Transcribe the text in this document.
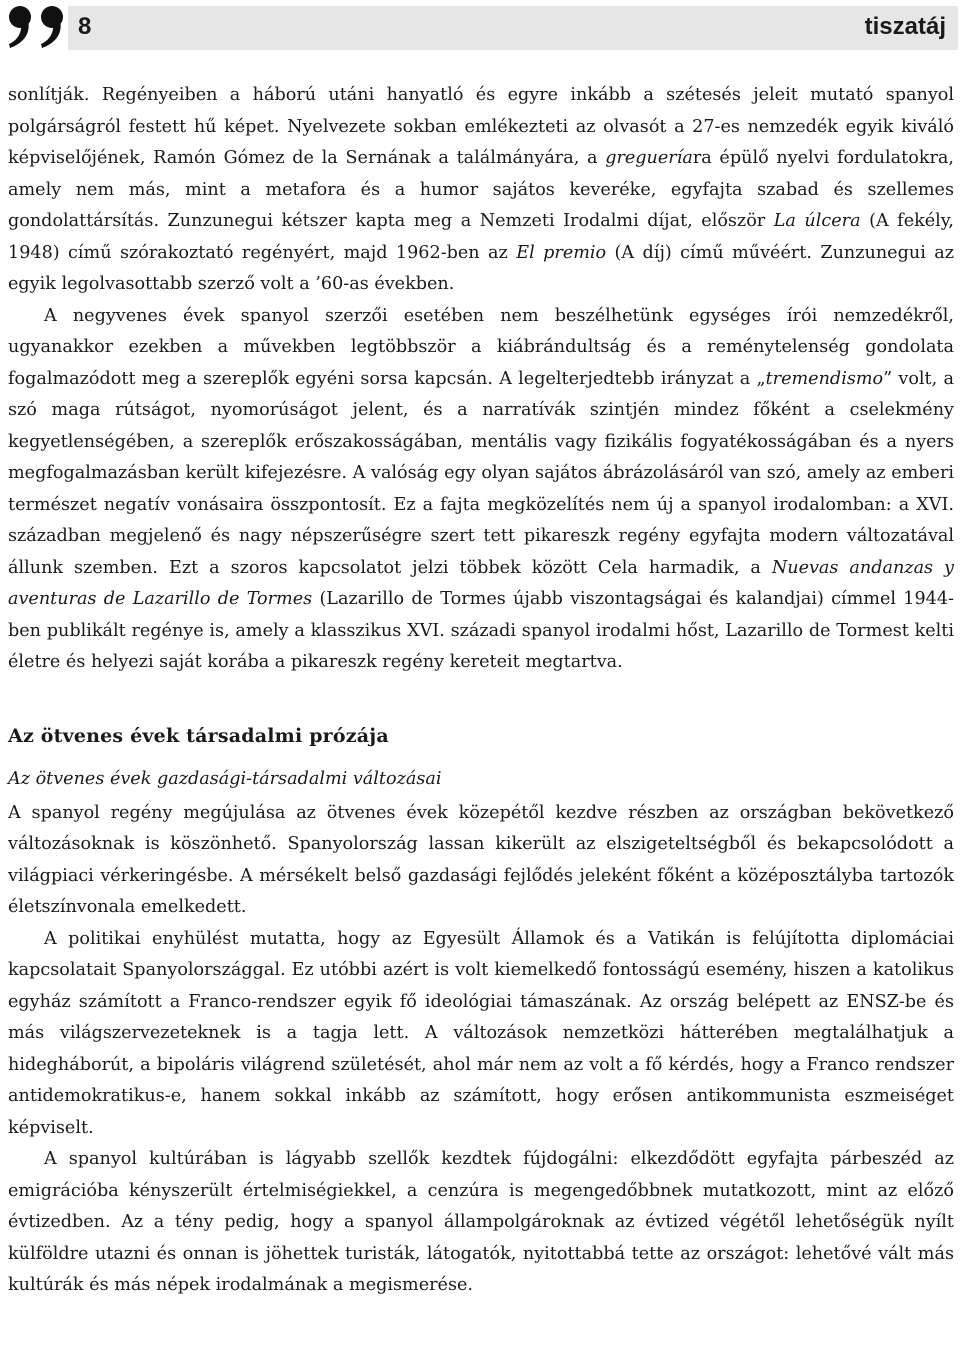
8	tiszatáj

sonlítják. Regényeiben a háború utáni hanyatló és egyre inkább a szétesés jeleit mutató spanyol polgárságról festett hű képet. Nyelvezete sokban emlékezteti az olvasót a 27-es nemzedék egyik kiváló képviselőjének, Ramón Gómez de la Sernának a találmányára, a gregueríara épülő nyelvi fordulatokra, amely nem más, mint a metafora és a humor sajátos keveréke, egyfajta szabad és szellemes gondolattársítás. Zunzunegui kétszer kapta meg a Nemzeti Irodalmi díjat, először La úlcera (A fekély, 1948) című szórakoztató regényért, majd 1962-ben az El premio (A díj) című művéért. Zunzunegui az egyik legolvasottabb szerző volt a ’60-as években.

A negyvenes évek spanyol szerzői esetében nem beszélhetünk egységes írói nemzedékről, ugyanakkor ezekben a művekben legtöbbször a kiábrándultság és a reménytelenség gondolata fogalmazódott meg a szereplők egyéni sorsa kapcsán. A legelterjedtebb irányzat a „tremendismo” volt, a szó maga rútságot, nyomorúságot jelent, és a narratívák szintjén mindez főként a cselekmény kegyetlenségében, a szereplők erőszakosságában, mentális vagy fizikális fogyatékosságában és a nyers megfogalmazásban került kifejezésre. A valóság egy olyan sajátos ábrázolásáról van szó, amely az emberi természet negatív vonásaira összpontosít. Ez a fajta megközelítés nem új a spanyol irodalomban: a XVI. században megjelenő és nagy népszerűségre szert tett pikareszk regény egyfajta modern változatával állunk szemben. Ezt a szoros kapcsolatot jelzi többek között Cela harmadik, a Nuevas andanzas y aventuras de Lazarillo de Tormes (Lazarillo de Tormes újabb viszontagságai és kalandjai) címmel 1944-ben publikált regénye is, amely a klasszikus XVI. századi spanyol irodalmi hőst, Lazarillo de Tormest kelti életre és helyezi saját korába a pikareszk regény kereteit megtartva.

Az ötvenes évek társadalmi prózája
Az ötvenes évek gazdasági-társadalmi változásai

A spanyol regény megújulása az ötvenes évek közepétől kezdve részben az országban bekövetkező változásoknak is köszönhető. Spanyolország lassan kikerült az elszigeteltségből és bekapcsolódott a világpiaci vérkeringésbe. A mérsékelt belső gazdasági fejlődés jeleként főként a középosztályba tartozók életszínvonala emelkedett.

A politikai enyhülést mutatta, hogy az Egyesült Államok és a Vatikán is felújította diplomáciai kapcsolatait Spanyolországgal. Ez utóbbi azért is volt kiemelkedő fontosságú esemény, hiszen a katolikus egyház számított a Franco-rendszer egyik fő ideológiai támaszának. Az ország belépett az ENSZ-be és más világszervezeteknek is a tagja lett. A változások nemzetközi hátterében megtalálhatjuk a hidegháborút, a bipoláris világrend születését, ahol már nem az volt a fő kérdés, hogy a Franco rendszer antidemokratikus-e, hanem sokkal inkább az számított, hogy erősen antikommunista eszmeiséget képviselt.

A spanyol kultúrában is lágyabb szellők kezdtek fújdogálni: elkezdődött egyfajta párbeszéd az emigrációba kényszerült értelmiségiekkel, a cenzúra is megengedőbbnek mutatkozott, mint az előző évtizedben. Az a tény pedig, hogy a spanyol állampolgároknak az évtized végétől lehetőségük nyílt külföldre utazni és onnan is jöhettek turisták, látogatók, nyitottabbá tette az országot: lehetővé vált más kultúrák és más népek irodalmának a megismerése.
